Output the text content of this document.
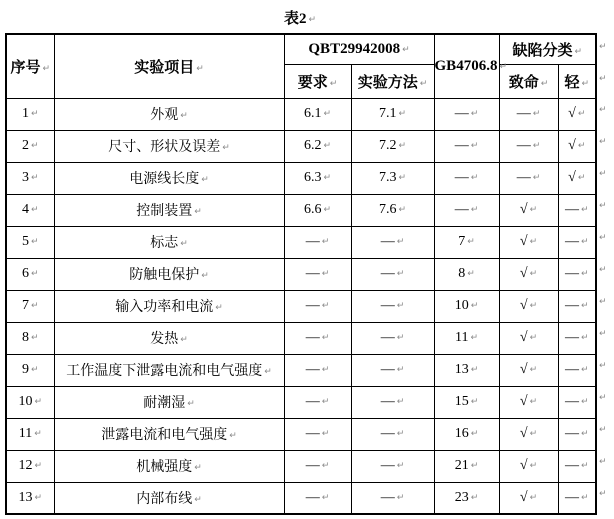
表2 ↵
序号 ↵	实验项目 ↵	QBT29942008 ↵		GB4706.8 ↵	缺陷分类 ↵	
		要求 ↵	实验方法 ↵		致命 ↵	轻 ↵
1 ↵	外观 ↵	6.1 ↵	7.1 ↵	— ↵	— ↵	√ ↵
2 ↵	尺寸、形状及误差 ↵	6.2 ↵	7.2 ↵	— ↵	— ↵	√ ↵
3 ↵	电源线长度 ↵	6.3 ↵	7.3 ↵	— ↵	— ↵	√ ↵
4 ↵	控制装置 ↵	6.6 ↵	7.6 ↵	— ↵	√ ↵	— ↵
5 ↵	标志 ↵	— ↵	— ↵	7 ↵	√ ↵	— ↵
6 ↵	防触电保护 ↵	— ↵	— ↵	8 ↵	√ ↵	— ↵
7 ↵	输入功率和电流 ↵	— ↵	— ↵	10 ↵	√ ↵	— ↵
8 ↵	发热 ↵	— ↵	— ↵	11 ↵	√ ↵	— ↵
9 ↵	工作温度下泄露电流和电气强度 ↵	— ↵	— ↵	13 ↵	√ ↵	— ↵
10 ↵	耐潮湿 ↵	— ↵	— ↵	15 ↵	√ ↵	— ↵
11 ↵	泄露电流和电气强度 ↵	— ↵	— ↵	16 ↵	√ ↵	— ↵
12 ↵	机械强度 ↵	— ↵	— ↵	21 ↵	√ ↵	— ↵
13 ↵	内部布线 ↵	— ↵	— ↵	23 ↵	√ ↵	— ↵
↵
↵
↵
↵
↵
↵
↵
↵
↵
↵
↵
↵
↵
↵
↵
